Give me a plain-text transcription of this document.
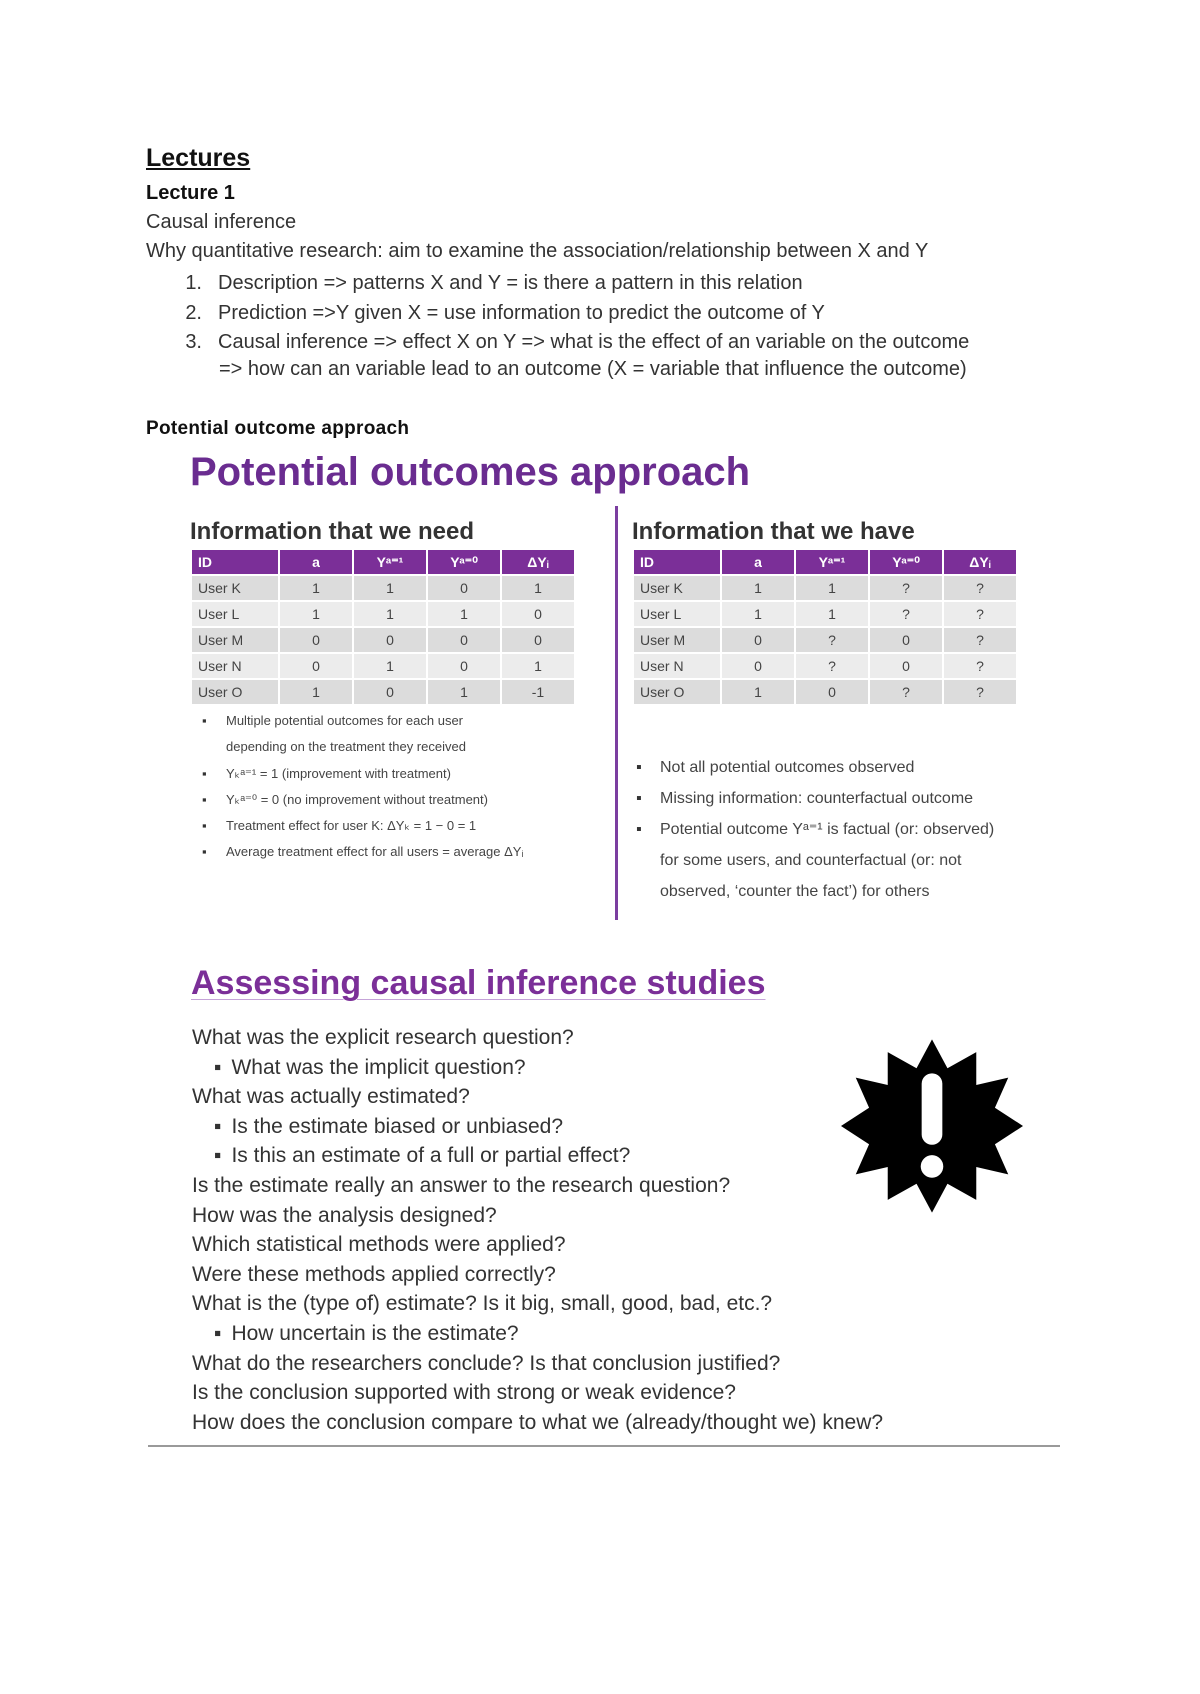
Lectures
Lecture 1

Causal inference

Why quantitative research: aim to examine the association/relationship between X and Y

1. Description => patterns X and Y = is there a pattern in this relation
2. Prediction =>Y given X = use information to predict the outcome of Y
3. Causal inference => effect X on Y => what is the effect of an variable on the outcome

=> how can an variable lead to an outcome (X = variable that influence the outcome)

Potential outcome approach
Potential outcomes approach
Information that we need	Information that we have
ID	a	Yᵃ⁼¹	Yᵃ⁼⁰	ΔYᵢ
User K	1	1	0	1
User L	1	1	1	0
User M	0	0	0	0
User N	0	1	0	1
User O	1	0	1	-1
ID	a	Yᵃ⁼¹	Yᵃ⁼⁰	ΔYᵢ
User K	1	1	?	?
User L	1	1	?	?
User M	0	?	0	?
User N	0	?	0	?
User O	1	0	?	?
▪ Multiple potential outcomes for each user
depending on the treatment they received
▪ Yₖᵃ⁼¹ = 1 (improvement with treatment)
▪ Yₖᵃ⁼⁰ = 0 (no improvement without treatment)
▪ Treatment effect for user K: ΔYₖ = 1 − 0 = 1
▪ Average treatment effect for all users = average ΔYᵢ
▪ Not all potential outcomes observed
▪ Missing information: counterfactual outcome
▪ Potential outcome Yᵃ⁼¹ is factual (or: observed)
for some users, and counterfactual (or: not
observed, ‘counter the fact’) for others
Assessing causal inference studies
What was the explicit research question?
▪ What was the implicit question?
What was actually estimated?
▪ Is the estimate biased or unbiased?
▪ Is this an estimate of a full or partial effect?
Is the estimate really an answer to the research question?
How was the analysis designed?
Which statistical methods were applied?
Were these methods applied correctly?
What is the (type of) estimate? Is it big, small, good, bad, etc.?
▪ How uncertain is the estimate?
What do the researchers conclude? Is that conclusion justified?
Is the conclusion supported with strong or weak evidence?
How does the conclusion compare to what we (already/thought we) knew?
